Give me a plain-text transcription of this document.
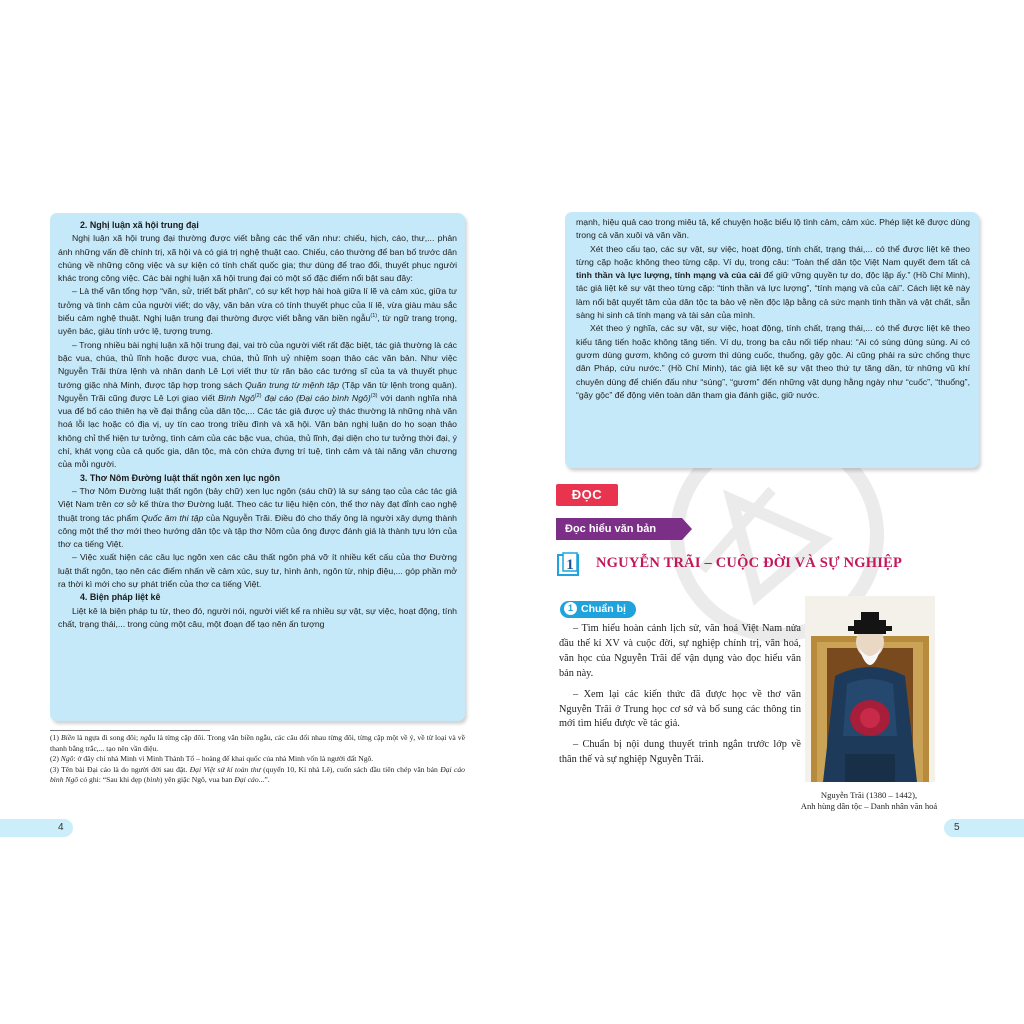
2. Nghị luận xã hội trung đại

Nghị luận xã hội trung đại thường được viết bằng các thể văn như: chiếu, hịch, cáo, thư,... phản ánh những vấn đề chính trị, xã hội và có giá trị nghệ thuật cao. Chiếu, cáo thường để ban bố trước dân chúng về những công việc và sự kiện có tính chất quốc gia; thư dùng để trao đổi, thuyết phục người khác trong công việc. Các bài nghị luận xã hội trung đại có một số đặc điểm nổi bật sau đây:

– Là thể văn tổng hợp “văn, sử, triết bất phân”, có sự kết hợp hài hoà giữa lí lẽ và cảm xúc, giữa tư tưởng và tình cảm của người viết; do vậy, văn bản vừa có tính thuyết phục của lí lẽ, vừa giàu màu sắc biểu cảm nghệ thuật. Nghị luận trung đại thường được viết bằng văn biền ngẫu$^{(1)}$, từ ngữ trang trọng, uyên bác, giàu tính ước lệ, tượng trưng.

– Trong nhiều bài nghị luận xã hội trung đại, vai trò của người viết rất đặc biệt, tác giả thường là các bậc vua, chúa, thủ lĩnh hoặc được vua, chúa, thủ lĩnh uỷ nhiệm soạn thảo các văn bản. Như việc Nguyễn Trãi thừa lệnh và nhân danh Lê Lợi viết thư từ răn bảo các tướng sĩ của ta và thuyết phục tướng giặc nhà Minh, được tập hợp trong sách Quân trung từ mệnh tập (Tập văn từ lệnh trong quân). Nguyễn Trãi cũng được Lê Lợi giao viết Bình Ngô$^{(2)}$ đại cáo (Đại cáo bình Ngô)$^{(3)}$ với danh nghĩa nhà vua để bố cáo thiên hạ về đại thắng của dân tộc,... Các tác giả được uỷ thác thường là những nhà văn hoá lỗi lạc hoặc có địa vị, uy tín cao trong triều đình và xã hội. Văn bản nghị luận do họ soạn thảo không chỉ thể hiện tư tưởng, tình cảm của các bậc vua, chúa, thủ lĩnh, đại diện cho tư tưởng thời đại, ý chí, khát vọng của cả quốc gia, dân tộc, mà còn chứa đựng trí tuệ, tình cảm và tài năng văn chương của mỗi người.

3. Thơ Nôm Đường luật thất ngôn xen lục ngôn

– Thơ Nôm Đường luật thất ngôn (bảy chữ) xen lục ngôn (sáu chữ) là sự sáng tạo của các tác giả Việt Nam trên cơ sở kế thừa thơ Đường luật. Theo các tư liệu hiện còn, thể thơ này đạt đỉnh cao nghệ thuật trong tác phẩm Quốc âm thi tập của Nguyễn Trãi. Điều đó cho thấy ông là người xây dựng thành công một thể thơ mới theo hướng dân tộc và tập thơ Nôm của ông được đánh giá là thành tựu lớn của thơ ca tiếng Việt.

– Việc xuất hiện các câu lục ngôn xen các câu thất ngôn phá vỡ ít nhiều kết cấu của thơ Đường luật thất ngôn, tạo nên các điểm nhấn về cảm xúc, suy tư, hình ảnh, ngôn từ, nhịp điệu,... góp phần mở ra thời kì mới cho sự phát triển của thơ ca tiếng Việt.

4. Biện pháp liệt kê

Liệt kê là biện pháp tu từ, theo đó, người nói, người viết kể ra nhiều sự vật, sự việc, hoạt động, tính chất, trạng thái,... trong cùng một câu, một đoạn để tạo nên ấn tượng

(1) Biền là ngựa đi song đôi; ngẫu là từng cặp đôi. Trong văn biền ngẫu, các câu đối nhau từng đôi, từng cặp một về ý, về từ loại và về thanh bằng trắc,... tạo nên vần điệu.

(2) Ngô: ở đây chỉ nhà Minh vì Minh Thành Tổ – hoàng đế khai quốc của nhà Minh vốn là người đất Ngô.

(3) Tên bài Đại cáo là do người đời sau đặt. Đại Việt sử kí toàn thư (quyển 10, Kỉ nhà Lê), cuốn sách đầu tiên chép văn bản Đại cáo bình Ngô có ghi: “Sau khi dẹp (bình) yên giặc Ngô, vua ban Đại cáo...”.

4

mạnh, hiệu quả cao trong miêu tả, kể chuyện hoặc biểu lộ tình cảm, cảm xúc. Phép liệt kê được dùng trong cả văn xuôi và văn vần.

Xét theo cấu tạo, các sự vật, sự việc, hoạt động, tính chất, trạng thái,... có thể được liệt kê theo từng cặp hoặc không theo từng cặp. Ví dụ, trong câu: “Toàn thể dân tộc Việt Nam quyết đem tất cả tinh thần và lực lượng, tính mạng và của cải để giữ vững quyền tự do, độc lập ấy.” (Hồ Chí Minh), tác giả liệt kê sự vật theo từng cặp: “tinh thần và lực lượng”, “tính mạng và của cải”. Cách liệt kê này làm nổi bật quyết tâm của dân tộc ta bảo vệ nền độc lập bằng cả sức mạnh tinh thần và vật chất, sẵn sàng hi sinh cả tính mạng và tài sản của mình.

Xét theo ý nghĩa, các sự vật, sự việc, hoạt động, tính chất, trạng thái,... có thể được liệt kê theo kiểu tăng tiến hoặc không tăng tiến. Ví dụ, trong ba câu nối tiếp nhau: “Ai có súng dùng súng. Ai có gươm dùng gươm, không có gươm thì dùng cuốc, thuổng, gậy gộc. Ai cũng phải ra sức chống thực dân Pháp, cứu nước.” (Hồ Chí Minh), tác giả liệt kê sự vật theo thứ tự tăng dần, từ những vũ khí chuyên dùng để chiến đấu như “súng”, “gươm” đến những vật dụng hằng ngày như “cuốc”, “thuổng”, “gậy gộc” để động viên toàn dân tham gia đánh giặc, giữ nước.

ĐỌC
Đọc hiểu văn bản
1 NGUYỄN TRÃI – CUỘC ĐỜI VÀ SỰ NGHIỆP
1 Chuẩn bị

– Tìm hiểu hoàn cảnh lịch sử, văn hoá Việt Nam nửa đầu thế kỉ XV và cuộc đời, sự nghiệp chính trị, văn hoá, văn học của Nguyễn Trãi để vận dụng vào đọc hiểu văn bản này.

– Xem lại các kiến thức đã được học về thơ văn Nguyễn Trãi ở Trung học cơ sở và bổ sung các thông tin mới tìm hiểu được về tác giả.

– Chuẩn bị nội dung thuyết trình ngắn trước lớp về thân thế và sự nghiệp Nguyễn Trãi.

Nguyễn Trãi (1380 – 1442),
Anh hùng dân tộc – Danh nhân văn hoá
5
